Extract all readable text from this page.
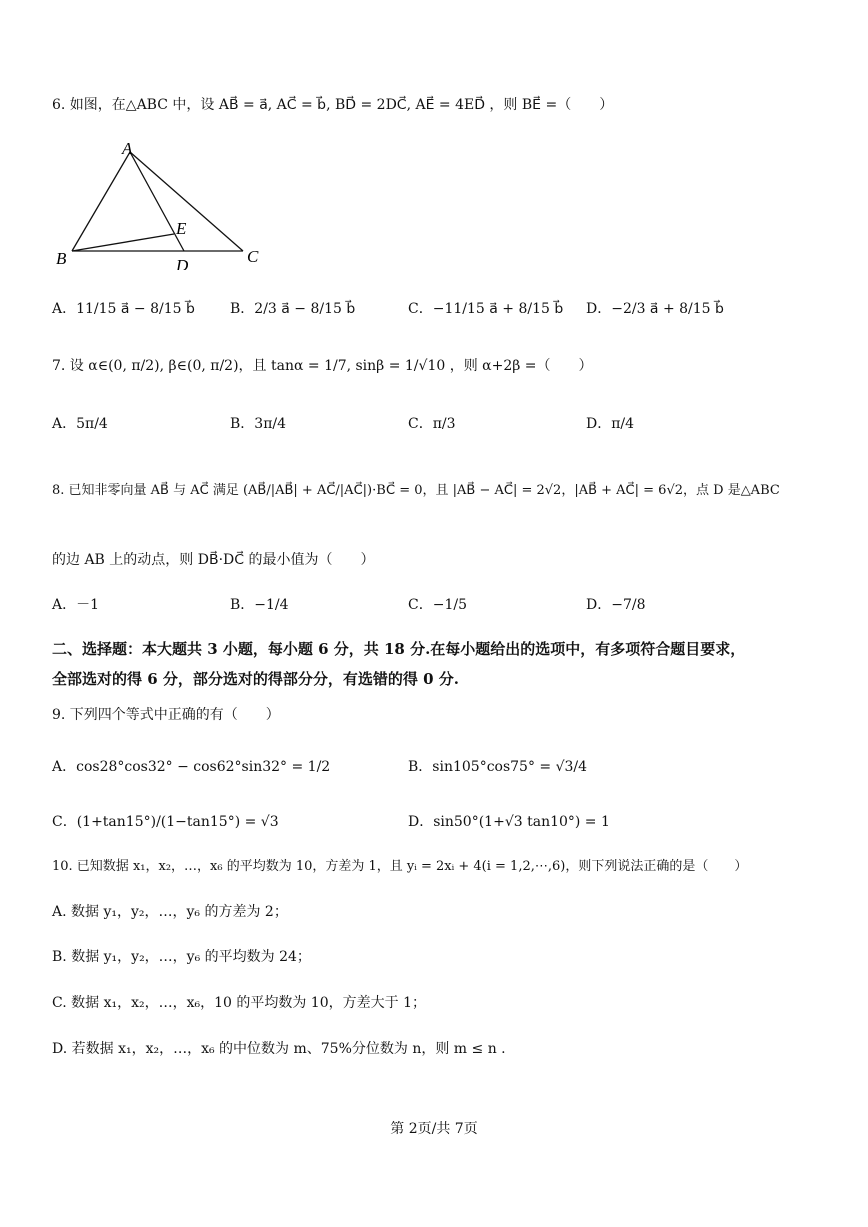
6. 如图，在△ABC 中，设 AB⃗ = a⃗, AC⃗ = b⃗, BD⃗ = 2DC⃗, AE⃗ = 4ED⃗ ，则 BE⃗ =（　　）
A
B	C
D
E
A．11/15 a⃗ − 8/15 b⃗	B．2/3 a⃗ − 8/15 b⃗	C．−11/15 a⃗ + 8/15 b⃗ D．−2/3 a⃗ + 8/15 b⃗
7. 设 α∈(0, π/2), β∈(0, π/2)，且 tanα = 1/7, sinβ = 1/√10 ，则 α+2β =（　　）
A．5π/4	B．3π/4	C．π/3	D．π/4
8. 已知非零向量 AB⃗ 与 AC⃗ 满足 (AB⃗/|AB⃗| + AC⃗/|AC⃗|)·BC⃗ = 0，且 |AB⃗ − AC⃗| = 2√2，|AB⃗ + AC⃗| = 6√2，点 D 是△ABC
的边 AB 上的动点，则 DB⃗·DC⃗ 的最小值为（　　）
A．－1	B．−1/4	C．−1/5	D．−7/8
二、选择题：本大题共 3 小题，每小题 6 分，共 18 分.在每小题给出的选项中，有多项符合题目要求，
全部选对的得 6 分，部分选对的得部分分，有选错的得 0 分.
9. 下列四个等式中正确的有（　　）
A．cos28°cos32° − cos62°sin32° = 1/2	B．sin105°cos75° = √3/4
C．(1+tan15°)/(1−tan15°) = √3	D．sin50°(1+√3 tan10°) = 1
10. 已知数据 x₁，x₂，…，x₆ 的平均数为 10，方差为 1，且 yᵢ = 2xᵢ + 4(i = 1,2,⋯,6)，则下列说法正确的是（　　）
A. 数据 y₁，y₂，…，y₆ 的方差为 2；
B. 数据 y₁，y₂，…，y₆ 的平均数为 24；
C. 数据 x₁，x₂，…，x₆，10 的平均数为 10，方差大于 1；
D. 若数据 x₁，x₂，…，x₆ 的中位数为 m、75%分位数为 n，则 m ≤ n .
第 2页/共 7页
